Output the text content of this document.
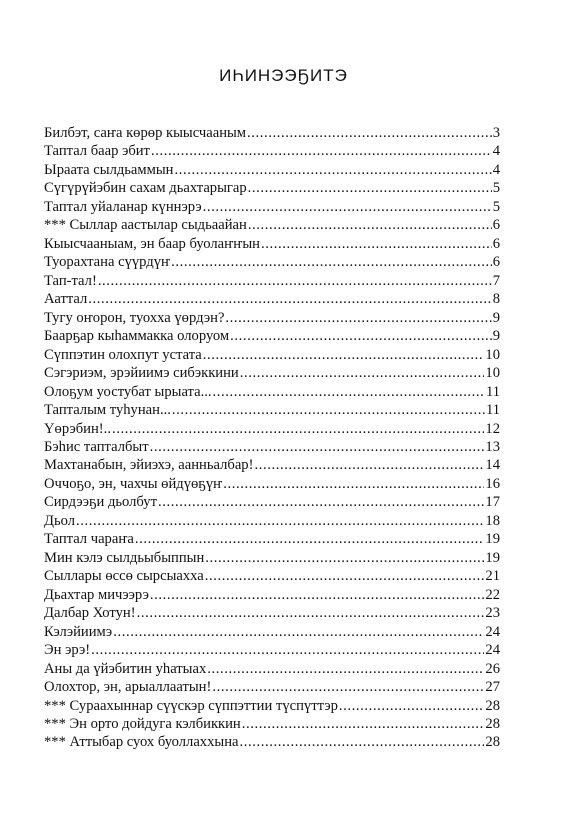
ИҺИНЭЭҔИТЭ
Билбэт, саҥа көрөр кыысчааным .....	3
Таптал баар эбит .....	4
Ыраата сылдьаммын .....	4
Сүгүрүйэбин сахам дьахтарыгар .....	5
Таптал уйаланар күннэрэ .....	5
*** Сыллар аастылар сыдьаайан .....	6
Кыысчааныам, эн баар буолаҥҥын .....	6
Туорахтана сүүрдүҥ .....	6
Тап-тал! .....	7
Ааттал .....	8
Тугу оҥорон, туохха үөрдэн? .....	9
Баарҕар кыһаммакка олоруом .....	9
Сүппэтин олохпут устата .....	10
Сэгэриэм, эрэйиимэ сибэккини .....	10
Олоҕум уостубат ырыата... .....	11
Тапталым туһунан... .....	11
Үөрэбин!.. .....	12
Бэһис тапталбыт .....	13
Махтанабын, эйиэхэ, аанньалбар! .....	14
Оччоҕо, эн, чахчы өйдүөҕүҥ .....	16
Сирдээҕи дьолбут .....	17
Дьол .....	18
Таптал чараҥа .....	19
Мин кэлэ сылдьыбыппын .....	19
Сыллары өссө сырсыахха .....	21
Дьахтар мичээрэ .....	22
Далбар Хотун! .....	23
Кэлэйиимэ .....	24
Эн эрэ! .....	24
Аны да үйэбитин уһатыах .....	26
Олохтор, эн, арыаллаатын! .....	27
*** Сураахыннар сүүскэр сүппэттии түспүттэр .....	28
*** Эн орто дойдуга кэлбиккин .....	28
*** Аттыбар суох буоллаххына .....	28
